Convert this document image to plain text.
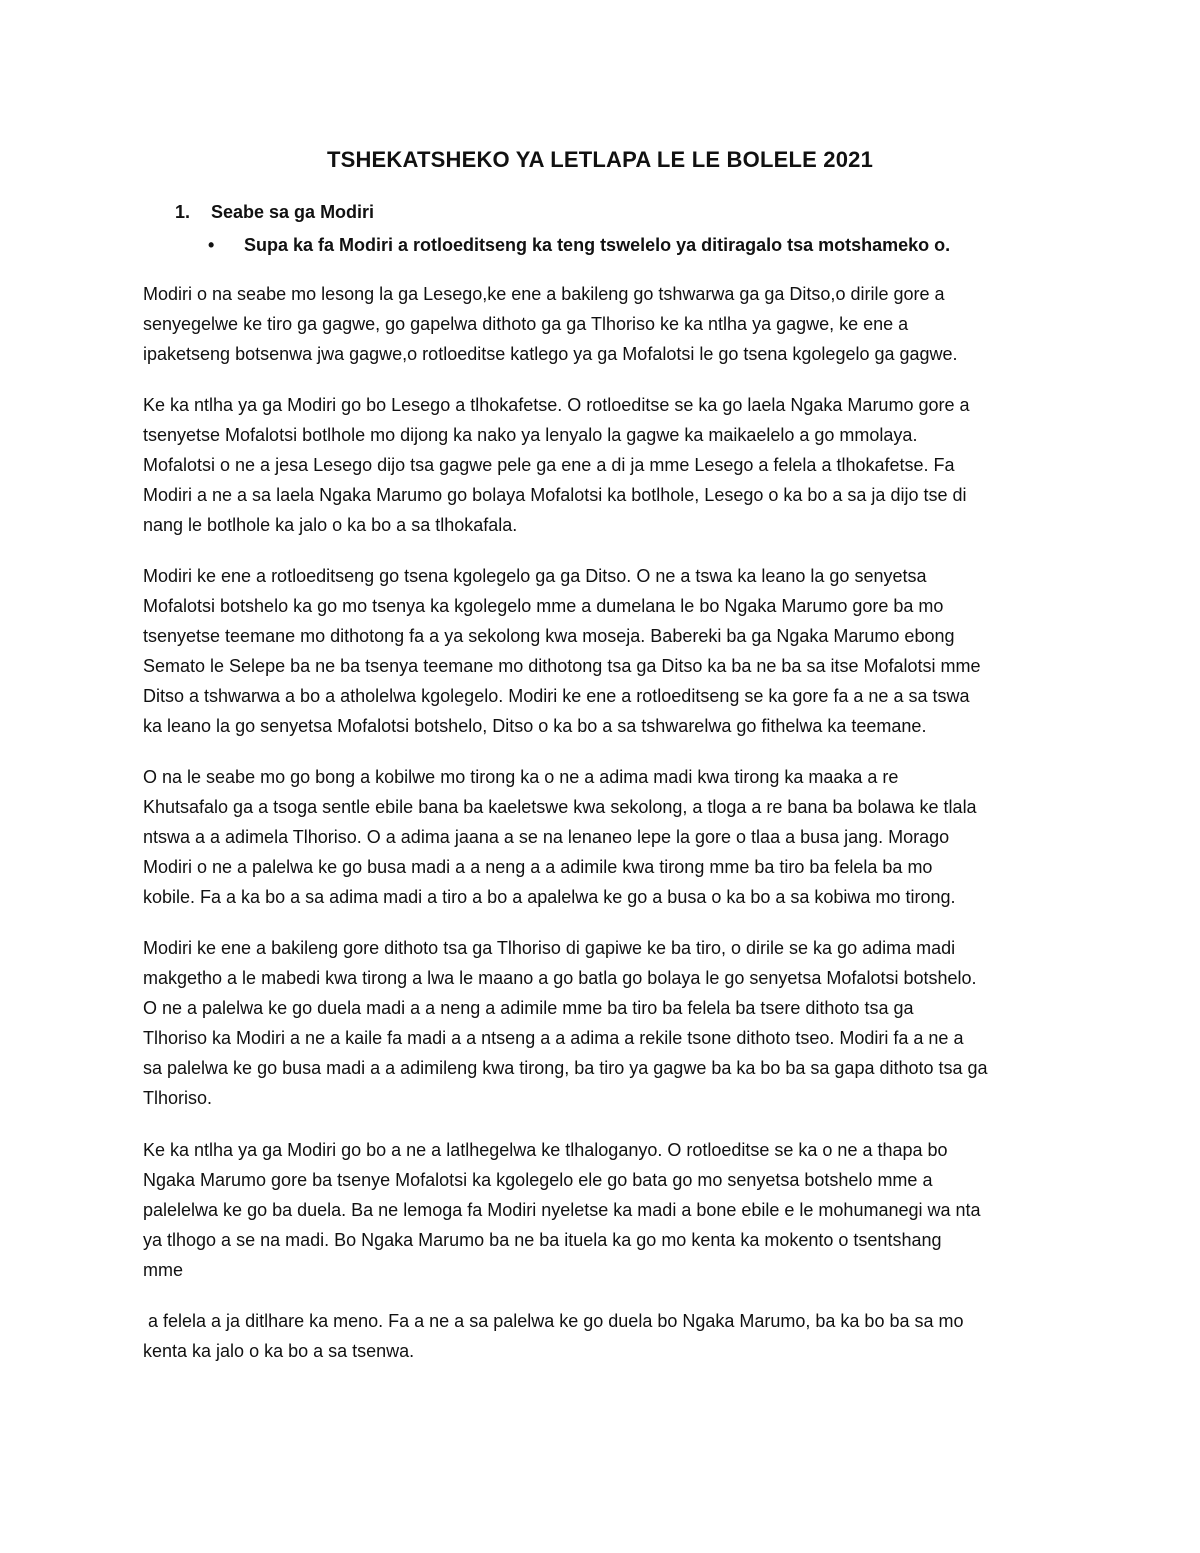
TSHEKATSHEKO YA LETLAPA LE LE BOLELE 2021
1. Seabe sa ga Modiri
• Supa ka fa Modiri a rotloeditseng ka teng tswelelo ya ditiragalo tsa motshameko o.
Modiri o na seabe mo lesong la ga Lesego,ke ene a bakileng go tshwarwa ga ga Ditso,o dirile gore a
senyegelwe ke tiro ga gagwe, go gapelwa dithoto ga ga Tlhoriso ke ka ntlha ya gagwe, ke ene a
ipaketseng botsenwa jwa gagwe,o rotloeditse katlego ya ga Mofalotsi le go tsena kgolegelo ga gagwe.
Ke ka ntlha ya ga Modiri go bo Lesego a tlhokafetse. O rotloeditse se ka go laela Ngaka Marumo gore a
tsenyetse Mofalotsi botlhole mo dijong ka nako ya lenyalo la gagwe ka maikaelelo a go mmolaya.
Mofalotsi o ne a jesa Lesego dijo tsa gagwe pele ga ene a di ja mme Lesego a felela a tlhokafetse. Fa
Modiri a ne a sa laela Ngaka Marumo go bolaya Mofalotsi ka botlhole, Lesego o ka bo a sa ja dijo tse di
nang le botlhole ka jalo o ka bo a sa tlhokafala.
Modiri ke ene a rotloeditseng go tsena kgolegelo ga ga Ditso. O ne a tswa ka leano la go senyetsa
Mofalotsi botshelo ka go mo tsenya ka kgolegelo mme a dumelana le bo Ngaka Marumo gore ba mo
tsenyetse teemane mo dithotong fa a ya sekolong kwa moseja. Babereki ba ga Ngaka Marumo ebong
Semato le Selepe ba ne ba tsenya teemane mo dithotong tsa ga Ditso ka ba ne ba sa itse Mofalotsi mme
Ditso a tshwarwa a bo a atholelwa kgolegelo. Modiri ke ene a rotloeditseng se ka gore fa a ne a sa tswa
ka leano la go senyetsa Mofalotsi botshelo, Ditso o ka bo a sa tshwarelwa go fithelwa ka teemane.
O na le seabe mo go bong a kobilwe mo tirong ka o ne a adima madi kwa tirong ka maaka a re
Khutsafalo ga a tsoga sentle ebile bana ba kaeletswe kwa sekolong, a tloga a re bana ba bolawa ke tlala
ntswa a a adimela Tlhoriso. O a adima jaana a se na lenaneo lepe la gore o tlaa a busa jang. Morago
Modiri o ne a palelwa ke go busa madi a a neng a a adimile kwa tirong mme ba tiro ba felela ba mo
kobile. Fa a ka bo a sa adima madi a tiro a bo a apalelwa ke go a busa o ka bo a sa kobiwa mo tirong.
Modiri ke ene a bakileng gore dithoto tsa ga Tlhoriso di gapiwe ke ba tiro, o dirile se ka go adima madi
makgetho a le mabedi kwa tirong a lwa le maano a go batla go bolaya le go senyetsa Mofalotsi botshelo.
O ne a palelwa ke go duela madi a a neng a adimile mme ba tiro ba felela ba tsere dithoto tsa ga
Tlhoriso ka Modiri a ne a kaile fa madi a a ntseng a a adima a rekile tsone dithoto tseo. Modiri fa a ne a
sa palelwa ke go busa madi a a adimileng kwa tirong, ba tiro ya gagwe ba ka bo ba sa gapa dithoto tsa ga
Tlhoriso.
Ke ka ntlha ya ga Modiri go bo a ne a latlhegelwa ke tlhaloganyo. O rotloeditse se ka o ne a thapa bo
Ngaka Marumo gore ba tsenye Mofalotsi ka kgolegelo ele go bata go mo senyetsa botshelo mme a
palelelwa ke go ba duela. Ba ne lemoga fa Modiri nyeletse ka madi a bone ebile e le mohumanegi wa nta
ya tlhogo a se na madi. Bo Ngaka Marumo ba ne ba ituela ka go mo kenta ka mokento o tsentshang
mme
a felela a ja ditlhare ka meno. Fa a ne a sa palelwa ke go duela bo Ngaka Marumo, ba ka bo ba sa mo
kenta ka jalo o ka bo a sa tsenwa.
